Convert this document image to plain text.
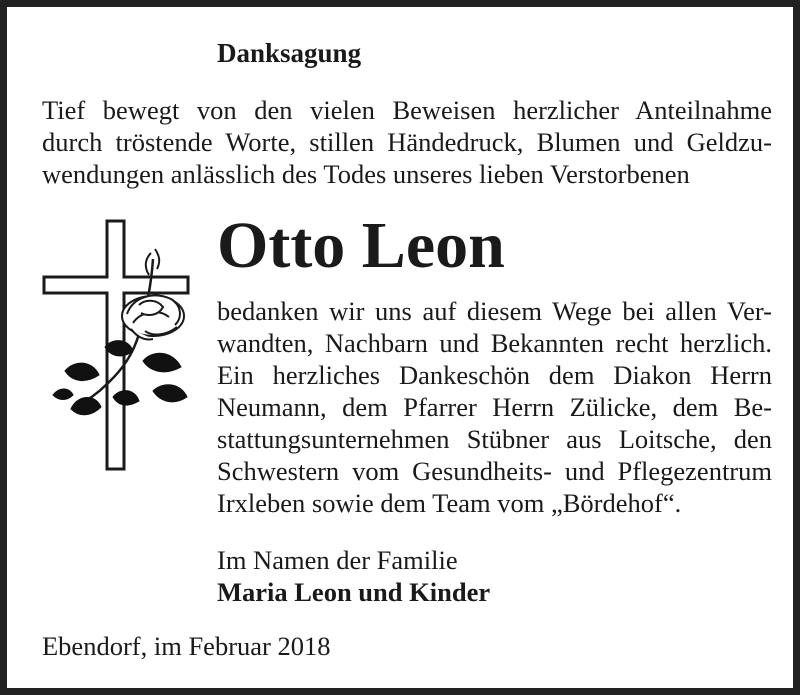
Danksagung
Tief bewegt von den vielen Beweisen herzlicher Anteilnahme
durch tröstende Worte, stillen Händedruck, Blumen und Geldzu-
wendungen anlässlich des Todes unseres lieben Verstorbenen
Otto Leon
bedanken wir uns auf diesem Wege bei allen Ver-
wandten, Nachbarn und Bekannten recht herzlich.
Ein herzliches Dankeschön dem Diakon Herrn
Neumann, dem Pfarrer Herrn Zülicke, dem Be-
stattungsunternehmen Stübner aus Loitsche, den
Schwestern vom Gesundheits- und Pflegezentrum
Irxleben sowie dem Team vom „Bördehof“.
Im Namen der Familie
Maria Leon und Kinder
Ebendorf, im Februar 2018
